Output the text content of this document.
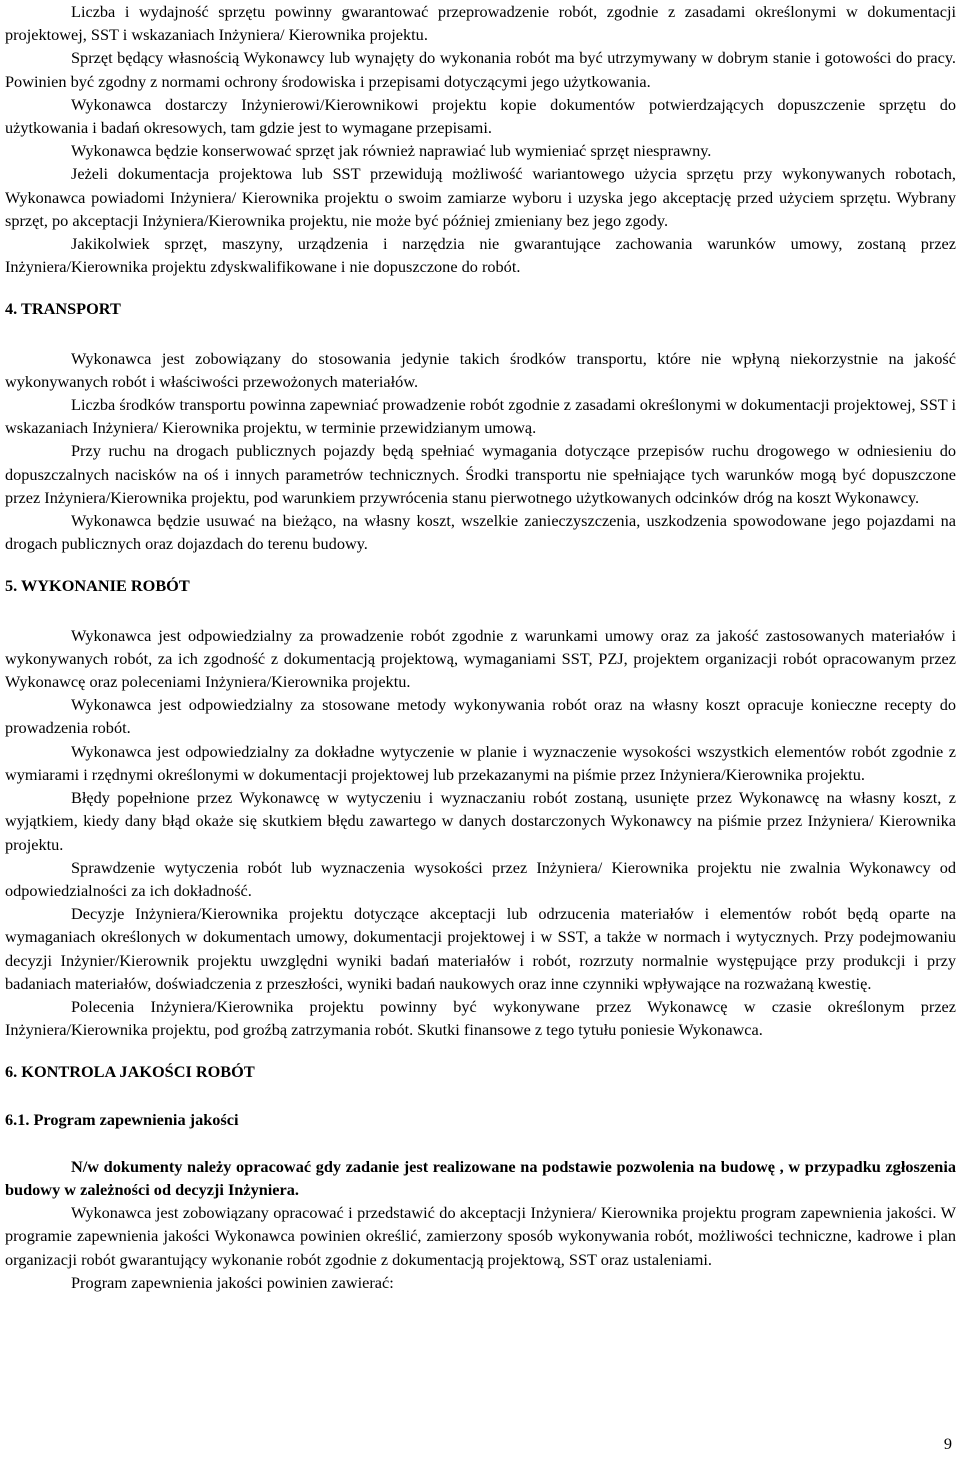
Liczba i wydajność sprzętu powinny gwarantować przeprowadzenie robót, zgodnie z zasadami określonymi w dokumentacji projektowej, SST i wskazaniach Inżyniera/ Kierownika projektu.

Sprzęt będący własnością Wykonawcy lub wynajęty do wykonania robót ma być utrzymywany w dobrym stanie i gotowości do pracy. Powinien być zgodny z normami ochrony środowiska i przepisami dotyczącymi jego użytkowania.

Wykonawca dostarczy Inżynierowi/Kierownikowi projektu kopie dokumentów potwierdzających dopuszczenie sprzętu do użytkowania i badań okresowych, tam gdzie jest to wymagane przepisami.

Wykonawca będzie konserwować sprzęt jak również naprawiać lub wymieniać sprzęt niesprawny.

Jeżeli dokumentacja projektowa lub SST przewidują możliwość wariantowego użycia sprzętu przy wykonywanych robotach, Wykonawca powiadomi Inżyniera/ Kierownika projektu o swoim zamiarze wyboru i uzyska jego akceptację przed użyciem sprzętu. Wybrany sprzęt, po akceptacji Inżyniera/Kierownika projektu, nie może być później zmieniany bez jego zgody.

Jakikolwiek sprzęt, maszyny, urządzenia i narzędzia nie gwarantujące zachowania warunków umowy, zostaną przez Inżyniera/Kierownika projektu zdyskwalifikowane i nie dopuszczone do robót.

4. TRANSPORT

Wykonawca jest zobowiązany do stosowania jedynie takich środków transportu, które nie wpłyną niekorzystnie na jakość wykonywanych robót i właściwości przewożonych materiałów.

Liczba środków transportu powinna zapewniać prowadzenie robót zgodnie z zasadami określonymi w dokumentacji projektowej, SST i wskazaniach Inżyniera/ Kierownika projektu, w terminie przewidzianym umową.

Przy ruchu na drogach publicznych pojazdy będą spełniać wymagania dotyczące przepisów ruchu drogowego w odniesieniu do dopuszczalnych nacisków na oś i innych parametrów technicznych. Środki transportu nie spełniające tych warunków mogą być dopuszczone przez Inżyniera/Kierownika projektu, pod warunkiem przywrócenia stanu pierwotnego użytkowanych odcinków dróg na koszt Wykonawcy.

Wykonawca będzie usuwać na bieżąco, na własny koszt, wszelkie zanieczyszczenia, uszkodzenia spowodowane jego pojazdami na drogach publicznych oraz dojazdach do terenu budowy.

5. WYKONANIE ROBÓT

Wykonawca jest odpowiedzialny za prowadzenie robót zgodnie z warunkami umowy oraz za jakość zastosowanych materiałów i wykonywanych robót, za ich zgodność z dokumentacją projektową, wymaganiami SST, PZJ, projektem organizacji robót opracowanym przez Wykonawcę oraz poleceniami Inżyniera/Kierownika projektu.

Wykonawca jest odpowiedzialny za stosowane metody wykonywania robót oraz na własny koszt opracuje konieczne recepty do prowadzenia robót.

Wykonawca jest odpowiedzialny za dokładne wytyczenie w planie i wyznaczenie wysokości wszystkich elementów robót zgodnie z wymiarami i rzędnymi określonymi w dokumentacji projektowej lub przekazanymi na piśmie przez Inżyniera/Kierownika projektu.

Błędy popełnione przez Wykonawcę w wytyczeniu i wyznaczaniu robót zostaną, usunięte przez Wykonawcę na własny koszt, z wyjątkiem, kiedy dany błąd okaże się skutkiem błędu zawartego w danych dostarczonych Wykonawcy na piśmie przez Inżyniera/ Kierownika projektu.

Sprawdzenie wytyczenia robót lub wyznaczenia wysokości przez Inżyniera/ Kierownika projektu nie zwalnia Wykonawcy od odpowiedzialności za ich dokładność.

Decyzje Inżyniera/Kierownika projektu dotyczące akceptacji lub odrzucenia materiałów i elementów robót będą oparte na wymaganiach określonych w dokumentach umowy, dokumentacji projektowej i w SST, a także w normach i wytycznych. Przy podejmowaniu decyzji Inżynier/Kierownik projektu uwzględni wyniki badań materiałów i robót, rozrzuty normalnie występujące przy produkcji i przy badaniach materiałów, doświadczenia z przeszłości, wyniki badań naukowych oraz inne czynniki wpływające na rozważaną kwestię.

Polecenia Inżyniera/Kierownika projektu powinny być wykonywane przez Wykonawcę w czasie określonym przez Inżyniera/Kierownika projektu, pod groźbą zatrzymania robót. Skutki finansowe z tego tytułu poniesie Wykonawca.

6. KONTROLA JAKOŚCI ROBÓT
6.1. Program zapewnienia jakości

N/w dokumenty należy opracować gdy zadanie jest realizowane na podstawie pozwolenia na budowę , w przypadku zgłoszenia budowy w zależności od decyzji Inżyniera.

Wykonawca jest zobowiązany opracować i przedstawić do akceptacji Inżyniera/ Kierownika projektu program zapewnienia jakości. W programie zapewnienia jakości Wykonawca powinien określić, zamierzony sposób wykonywania robót, możliwości techniczne, kadrowe i plan organizacji robót gwarantujący wykonanie robót zgodnie z dokumentacją projektową, SST oraz ustaleniami.

Program zapewnienia jakości powinien zawierać:

9
